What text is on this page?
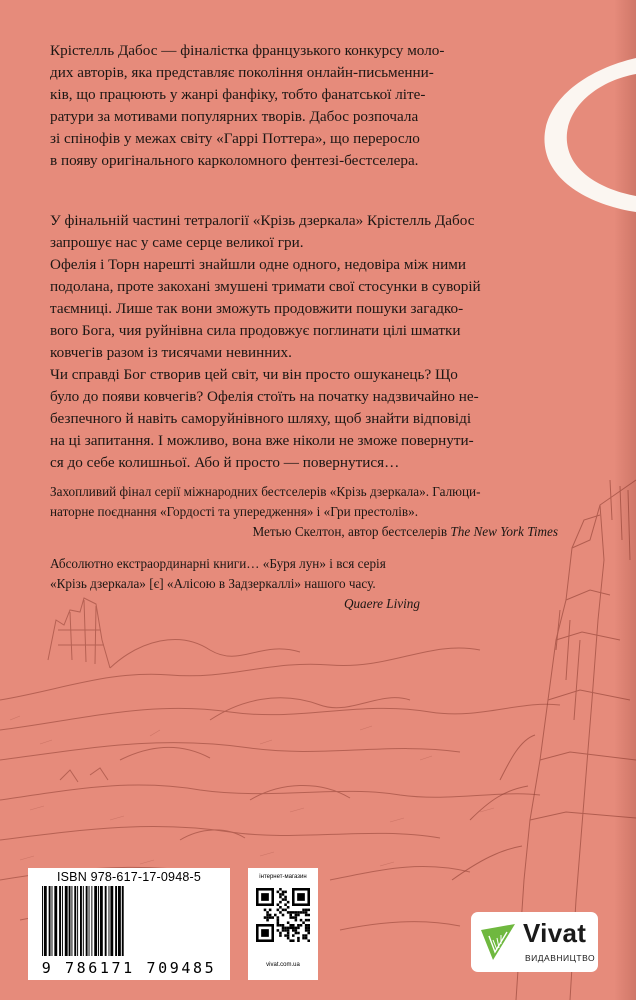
Крістелль Дабос — фіналістка французького конкурсу моло-

дих авторів, яка представляє покоління онлайн-письменни-

ків, що працюють у жанрі фанфіку, тобто фанатської літе-

ратури за мотивами популярних творів. Дабос розпочала

зі спінофів у межах світу «Гаррі Поттера», що переросло

в появу оригінального карколомного фентезі-бестселера.

У фінальній частині тетралогії «Крізь дзеркала» Крістелль Дабос

запрошує нас у саме серце великої гри.

Офелія і Торн нарешті знайшли одне одного, недовіра між ними

подолана, проте закохані змушені тримати свої стосунки в суворій

таємниці. Лише так вони зможуть продовжити пошуки загадко-

вого Бога, чия руйнівна сила продовжує поглинати цілі шматки

ковчегів разом із тисячами невинних.

Чи справді Бог створив цей світ, чи він просто ошуканець? Що

було до появи ковчегів? Офелія стоїть на початку надзвичайно не-

безпечного й навіть саморуйнівного шляху, щоб знайти відповіді

на ці запитання. І можливо, вона вже ніколи не зможе повернути-

ся до себе колишньої. Або й просто — повернутися…

Захопливий фінал серії міжнародних бестселерів «Крізь дзеркала». Галюци-

наторне поєднання «Гордості та упередження» і «Гри престолів».

Метью Скелтон, автор бестселерів The New York Times

Абсолютно екстраординарні книги… «Буря лун» і вся серія

«Крізь дзеркала» [є] «Алісою в Задзеркаллі» нашого часу.

Quaere Living

ISBN 978-617-17-0948-5
9 786171 709485
інтернет-магазин
vivat.com.ua
Vivat
ВИДАВНИЦТВО
